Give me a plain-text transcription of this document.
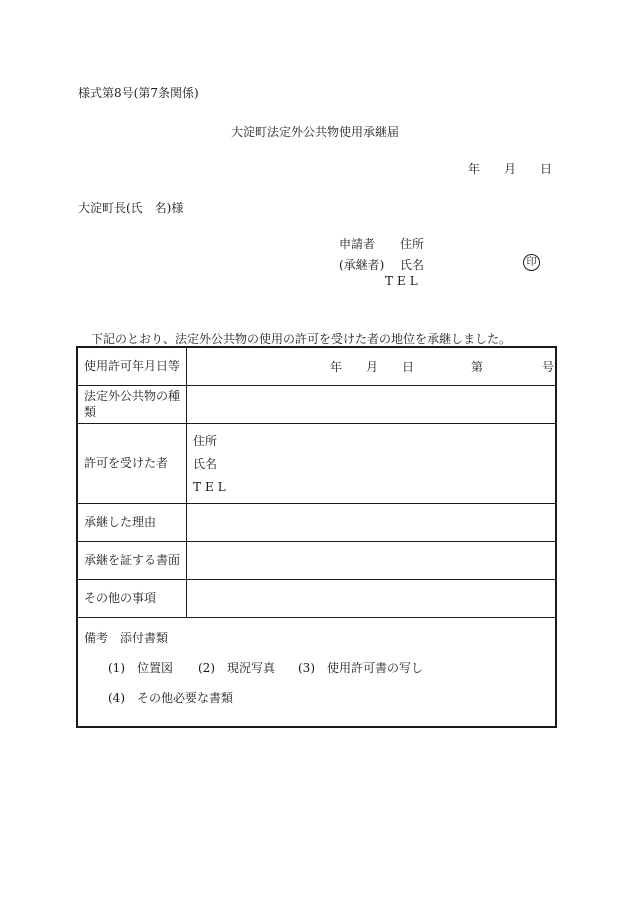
様式第8号(第7条関係)
大淀町法定外公共物使用承継届
年 月 日
大淀町長(氏　名)様
申請者 住所
(承継者) 氏名
TEL
印
下記のとおり、法定外公共物の使用の許可を受けた者の地位を承継しました。
使用許可年月日等	年 月 日 第 号

法定外公共物の種類	
許可を受けた者	住所
氏名
TEL

承継した理由	
承継を証する書面	
その他の事項	

備考　添付書類
(1)　位置図 (2)　現況写真 (3)　使用許可書の写し
(4)　その他必要な書類	
